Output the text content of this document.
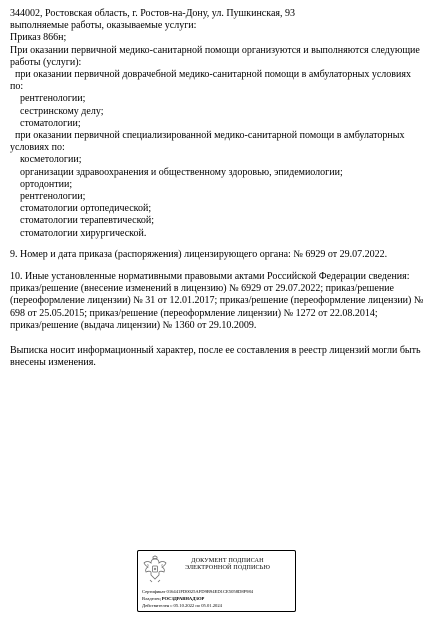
344002, Ростовская область, г. Ростов-на-Дону, ул. Пушкинская, 93
выполняемые работы, оказываемые услуги:
Приказ 866н;
При оказании первичной медико-санитарной помощи организуются и выполняются следующие
работы (услуги):
при оказании первичной доврачебной медико-санитарной помощи в амбулаторных условиях
по:
рентгенологии;
сестринскому делу;
стоматологии;
при оказании первичной специализированной медико-санитарной помощи в амбулаторных
условиях по:
косметологии;
организации здравоохранения и общественному здоровью, эпидемиологии;
ортодонтии;
рентгенологии;
стоматологии ортопедической;
стоматологии терапевтической;
стоматологии хирургической.
9. Номер и дата приказа (распоряжения) лицензирующего органа: № 6929 от 29.07.2022.
10. Иные установленные нормативными правовыми актами Российской Федерации сведения:
приказ/решение (внесение изменений в лицензию) № 6929 от 29.07.2022; приказ/решение
(переоформление лицензии) № 31 от 12.01.2017; приказ/решение (переоформление лицензии) №
698 от 25.05.2015; приказ/решение (переоформление лицензии) № 1272 от 22.08.2014;
приказ/решение (выдача лицензии) № 1360 от 29.10.2009.
Выписка носит информационный характер, после ее составления в реестр лицензий могли быть
внесены изменения.
ДОКУМЕНТ ПОДПИСАН
ЭЛЕКТРОННОЙ ПОДПИСЬЮ
Сертификат 016441FD0025AFD9B94ED1CE5058D8F984
Владелец РОСЗДРАВНАДЗОР
Действителен с 05.10.2022 по 05.01.2024
